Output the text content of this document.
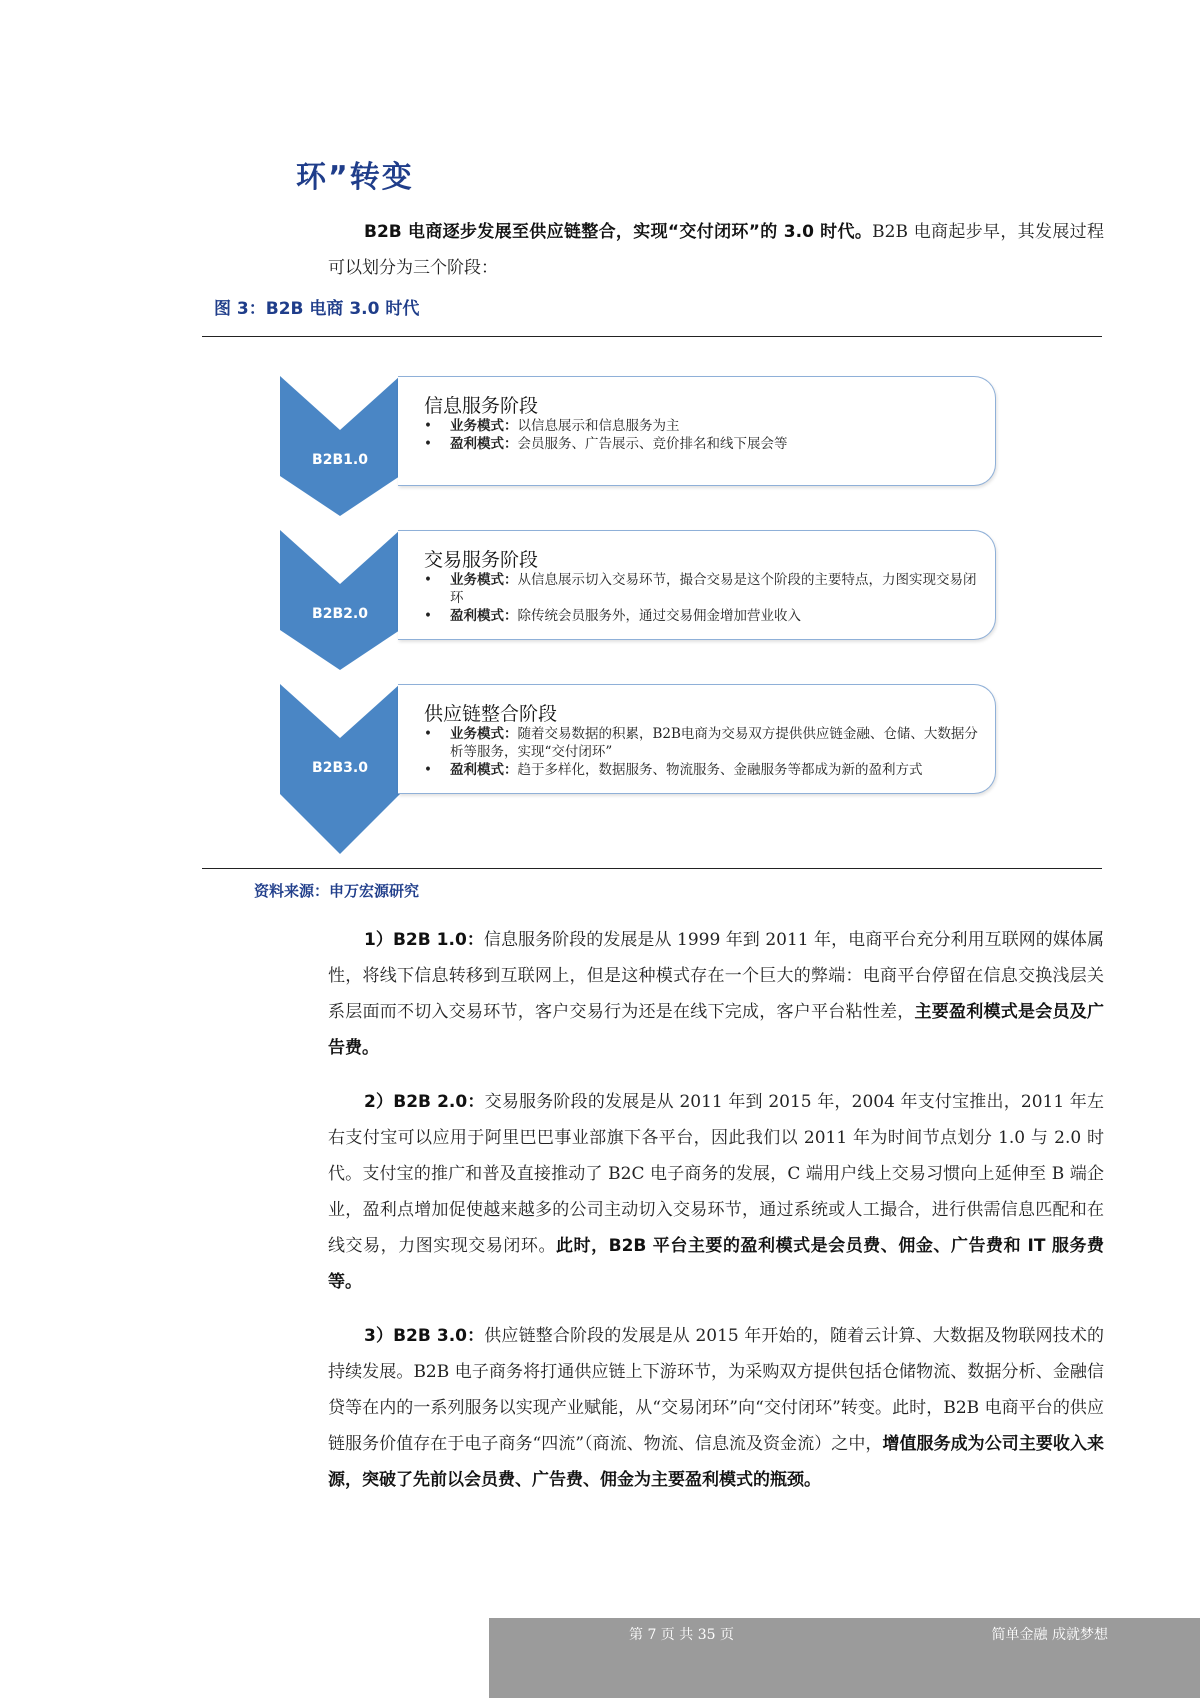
环”转变
B2B 电商逐步发展至供应链整合，实现“交付闭环”的 3.0 时代。B2B 电商起步早，其发展过程可以划分为三个阶段：
图 3：B2B 电商 3.0 时代
B2B1.0
信息服务阶段
• 业务模式：以信息展示和信息服务为主
• 盈利模式：会员服务、广告展示、竞价排名和线下展会等
B2B2.0
交易服务阶段
• 业务模式：从信息展示切入交易环节，撮合交易是这个阶段的主要特点，力图实现交易闭环
• 盈利模式：除传统会员服务外，通过交易佣金增加营业收入
B2B3.0
供应链整合阶段
• 业务模式：随着交易数据的积累，B2B电商为交易双方提供供应链金融、仓储、大数据分析等服务，实现“交付闭环”
• 盈利模式：趋于多样化，数据服务、物流服务、金融服务等都成为新的盈利方式
资料来源：申万宏源研究
1）B2B 1.0：信息服务阶段的发展是从 1999 年到 2011 年，电商平台充分利用互联网的媒体属性，将线下信息转移到互联网上，但是这种模式存在一个巨大的弊端：电商平台停留在信息交换浅层关系层面而不切入交易环节，客户交易行为还是在线下完成，客户平台粘性差，主要盈利模式是会员及广告费。
2）B2B 2.0：交易服务阶段的发展是从 2011 年到 2015 年，2004 年支付宝推出，2011 年左右支付宝可以应用于阿里巴巴事业部旗下各平台，因此我们以 2011 年为时间节点划分 1.0 与 2.0 时代。支付宝的推广和普及直接推动了 B2C 电子商务的发展，C 端用户线上交易习惯向上延伸至 B 端企业，盈利点增加促使越来越多的公司主动切入交易环节，通过系统或人工撮合，进行供需信息匹配和在线交易，力图实现交易闭环。此时，B2B 平台主要的盈利模式是会员费、佣金、广告费和 IT 服务费等。
3）B2B 3.0：供应链整合阶段的发展是从 2015 年开始的，随着云计算、大数据及物联网技术的持续发展。B2B 电子商务将打通供应链上下游环节，为采购双方提供包括仓储物流、数据分析、金融信贷等在内的一系列服务以实现产业赋能，从“交易闭环”向“交付闭环”转变。此时，B2B 电商平台的供应链服务价值存在于电子商务“四流”（商流、物流、信息流及资金流）之中，增值服务成为公司主要收入来源，突破了先前以会员费、广告费、佣金为主要盈利模式的瓶颈。
第 7 页 共 35 页	简单金融 成就梦想
